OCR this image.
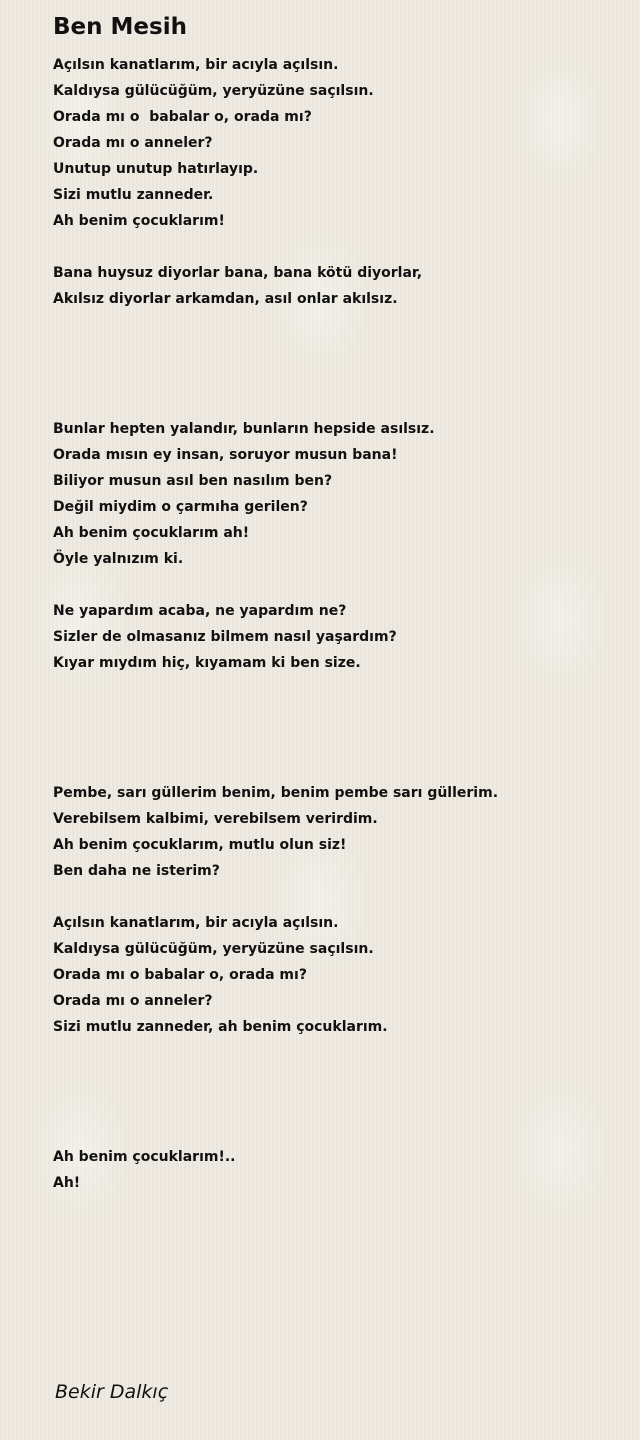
Ben Mesih
Açılsın kanatlarım, bir acıyla açılsın.
Kaldıysa gülücüğüm, yeryüzüne saçılsın.
Orada mı o  babalar o, orada mı?
Orada mı o anneler?
Unutup unutup hatırlayıp.
Sizi mutlu zanneder.
Ah benim çocuklarım!
Bana huysuz diyorlar bana, bana kötü diyorlar,
Akılsız diyorlar arkamdan, asıl onlar akılsız.
Bunlar hepten yalandır, bunların hepside asılsız.
Orada mısın ey insan, soruyor musun bana!
Biliyor musun asıl ben nasılım ben?
Değil miydim o çarmıha gerilen?
Ah benim çocuklarım ah!
Öyle yalnızım ki.
Ne yapardım acaba, ne yapardım ne?
Sizler de olmasanız bilmem nasıl yaşardım?
Kıyar mıydım hiç, kıyamam ki ben size.
Pembe, sarı güllerim benim, benim pembe sarı güllerim.
Verebilsem kalbimi, verebilsem verirdim.
Ah benim çocuklarım, mutlu olun siz!
Ben daha ne isterim?
Açılsın kanatlarım, bir acıyla açılsın.
Kaldıysa gülücüğüm, yeryüzüne saçılsın.
Orada mı o babalar o, orada mı?
Orada mı o anneler?
Sizi mutlu zanneder, ah benim çocuklarım.
Ah benim çocuklarım!..
Ah!
Bekir Dalkıç
